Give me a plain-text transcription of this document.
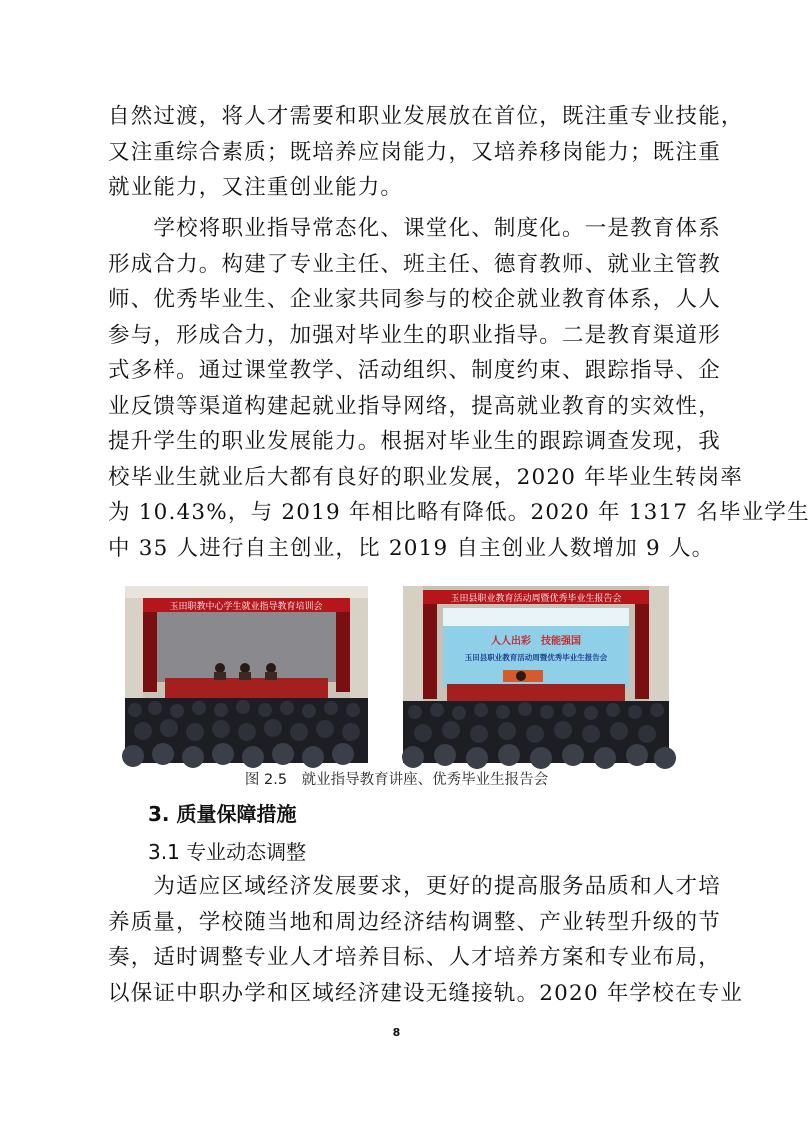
自然过渡，将人才需要和职业发展放在首位，既注重专业技能，
又注重综合素质；既培养应岗能力，又培养移岗能力；既注重
就业能力，又注重创业能力。
　　学校将职业指导常态化、课堂化、制度化。一是教育体系
形成合力。构建了专业主任、班主任、德育教师、就业主管教
师、优秀毕业生、企业家共同参与的校企就业教育体系，人人
参与，形成合力，加强对毕业生的职业指导。二是教育渠道形
式多样。通过课堂教学、活动组织、制度约束、跟踪指导、企
业反馈等渠道构建起就业指导网络，提高就业教育的实效性，
提升学生的职业发展能力。根据对毕业生的跟踪调查发现，我
校毕业生就业后大都有良好的职业发展，2020 年毕业生转岗率
为 10.43%，与 2019 年相比略有降低。2020 年 1317 名毕业学生
中 35 人进行自主创业，比 2019 自主创业人数增加 9 人。
玉田职教中心学生就业指导教育培训会
玉田县职业教育活动周暨优秀毕业生报告会
人人出彩　技能强国
玉田县职业教育活动周暨优秀毕业生报告会
图 2.5　就业指导教育讲座、优秀毕业生报告会
3. 质量保障措施
3.1 专业动态调整
　　为适应区域经济发展要求，更好的提高服务品质和人才培
养质量，学校随当地和周边经济结构调整、产业转型升级的节
奏，适时调整专业人才培养目标、人才培养方案和专业布局，
以保证中职办学和区域经济建设无缝接轨。2020 年学校在专业
8
